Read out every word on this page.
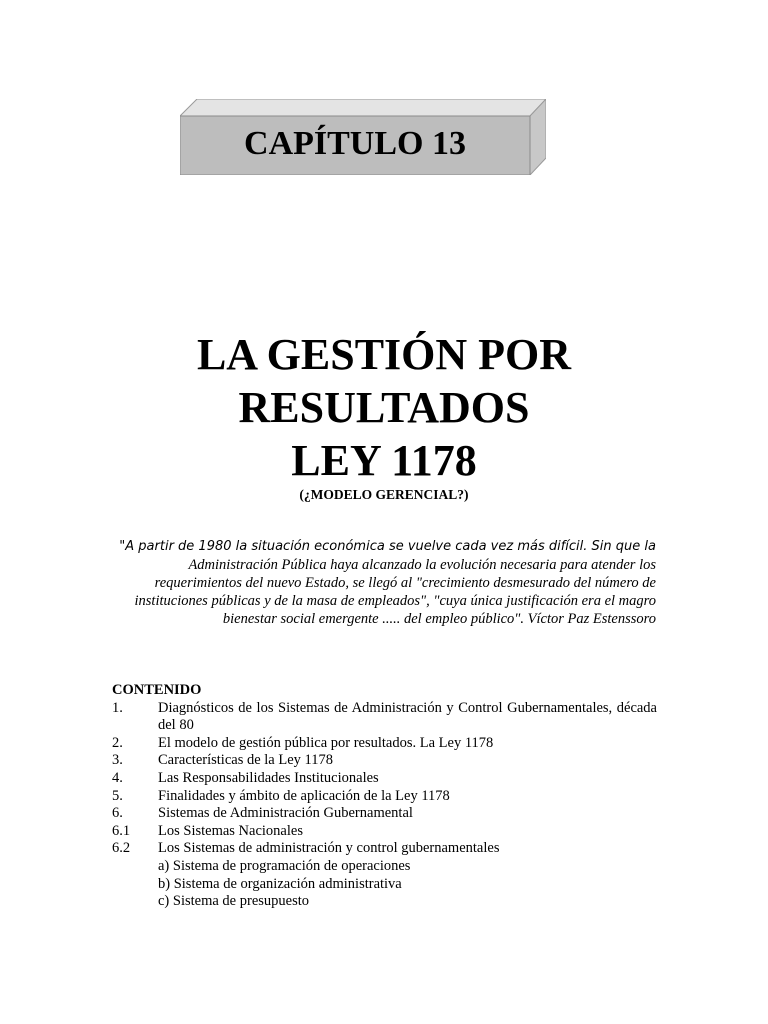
CAPÍTULO 13
LA GESTIÓN POR
RESULTADOS
LEY 1178
(¿MODELO GERENCIAL?)
"A partir de 1980 la situación económica se vuelve cada vez más difícil. Sin que la
Administración Pública haya alcanzado la evolución necesaria para atender los
requerimientos del nuevo Estado, se llegó al "crecimiento desmesurado del número de
instituciones públicas y de la masa de empleados", "cuya única justificación era el magro
bienestar social emergente ..... del empleo público". Víctor Paz Estenssoro
CONTENIDO
1.	Diagnósticos de los Sistemas de Administración y Control Gubernamentales, década del 80
2.	El modelo de gestión pública por resultados. La Ley 1178
3.	Características de la Ley 1178
4.	Las Responsabilidades Institucionales
5.	Finalidades y ámbito de aplicación de la Ley 1178
6.	Sistemas de Administración Gubernamental
6.1	Los Sistemas Nacionales
6.2	Los Sistemas de administración y control gubernamentales
a) Sistema de programación de operaciones
b) Sistema de organización administrativa
c) Sistema de presupuesto
